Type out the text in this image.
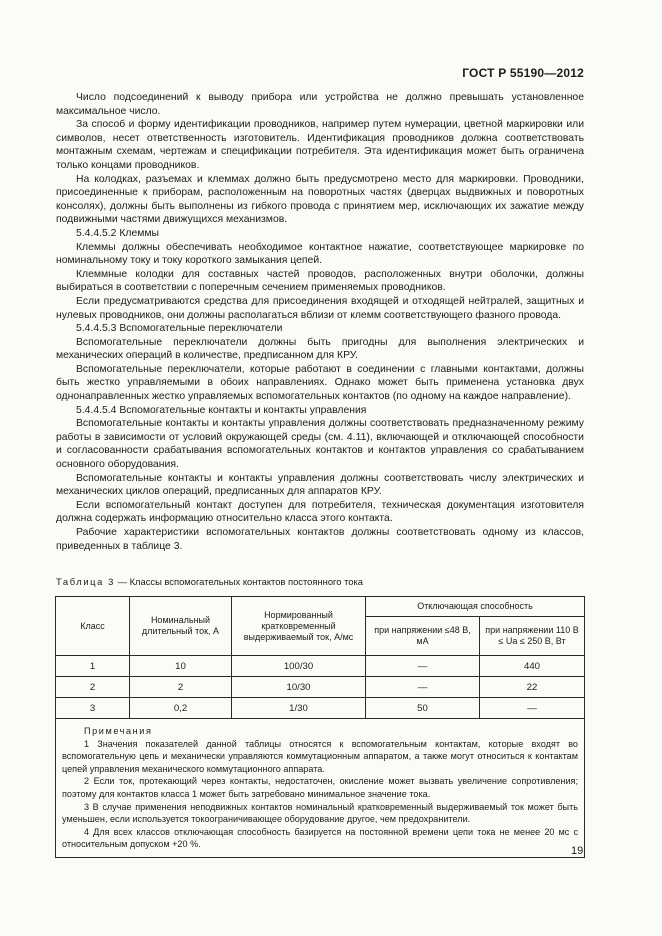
ГОСТ Р 55190—2012

Число подсоединений к выводу прибора или устройства не должно превышать установленное максимальное число.

За способ и форму идентификации проводников, например путем нумерации, цветной маркировки или символов, несет ответственность изготовитель. Идентификация проводников должна соответствовать монтажным схемам, чертежам и спецификации потребителя. Эта идентификация может быть ограничена только концами проводников.

На колодках, разъемах и клеммах должно быть предусмотрено место для маркировки. Проводники, присоединенные к приборам, расположенным на поворотных частях (дверцах выдвижных и поворотных консолях), должны быть выполнены из гибкого провода с принятием мер, исключающих их зажатие между подвижными частями движущихся механизмов.

5.4.4.5.2 Клеммы

Клеммы должны обеспечивать необходимое контактное нажатие, соответствующее маркировке по номинальному току и току короткого замыкания цепей.

Клеммные колодки для составных частей проводов, расположенных внутри оболочки, должны выбираться в соответствии с поперечным сечением применяемых проводников.

Если предусматриваются средства для присоединения входящей и отходящей нейтралей, защитных и нулевых проводников, они должны располагаться вблизи от клемм соответствующего фазного провода.

5.4.4.5.3 Вспомогательные переключатели

Вспомогательные переключатели должны быть пригодны для выполнения электрических и механических операций в количестве, предписанном для КРУ.

Вспомогательные переключатели, которые работают в соединении с главными контактами, должны быть жестко управляемыми в обоих направлениях. Однако может быть применена установка двух однонаправленных жестко управляемых вспомогательных контактов (по одному на каждое направление).

5.4.4.5.4 Вспомогательные контакты и контакты управления

Вспомогательные контакты и контакты управления должны соответствовать предназначенному режиму работы в зависимости от условий окружающей среды (см. 4.11), включающей и отключающей способности и согласованности срабатывания вспомогательных контактов и контактов управления со срабатыванием основного оборудования.

Вспомогательные контакты и контакты управления должны соответствовать числу электрических и механических циклов операций, предписанных для аппаратов КРУ.

Если вспомогательный контакт доступен для потребителя, техническая документация изготовителя должна содержать информацию относительно класса этого контакта.

Рабочие характеристики вспомогательных контактов должны соответствовать одному из классов, приведенных в таблице 3.

Таблица 3 — Классы вспомогательных контактов постоянного тока
Класс	Номинальный длительный ток, А	Нормированный кратковременный выдерживаемый ток, А/мс	Отключающая способность	
			при напряжении ≤48 В, мА	при напряжении 110 В ≤ Ua ≤ 250 В, Вт
1	10	100/30	—	440
2	2	10/30	—	22
3	0,2	1/30	50	—

Примечания

1 Значения показателей данной таблицы относятся к вспомогательным контактам, которые входят во вспомогательную цепь и механически управляются коммутационным аппаратом, а также могут относиться к контактам цепей управления механического коммутационного аппарата.

2 Если ток, протекающий через контакты, недостаточен, окисление может вызвать увеличение сопротивления; поэтому для контактов класса 1 может быть затребовано минимальное значение тока.

3 В случае применения неподвижных контактов номинальный кратковременный выдерживаемый ток может быть уменьшен, если используется токоограничивающее оборудование другое, чем предохранители.

4 Для всех классов отключающая способность базируется на постоянной времени цепи тока не менее 20 мс с относительным допуском +20 %.				

19
